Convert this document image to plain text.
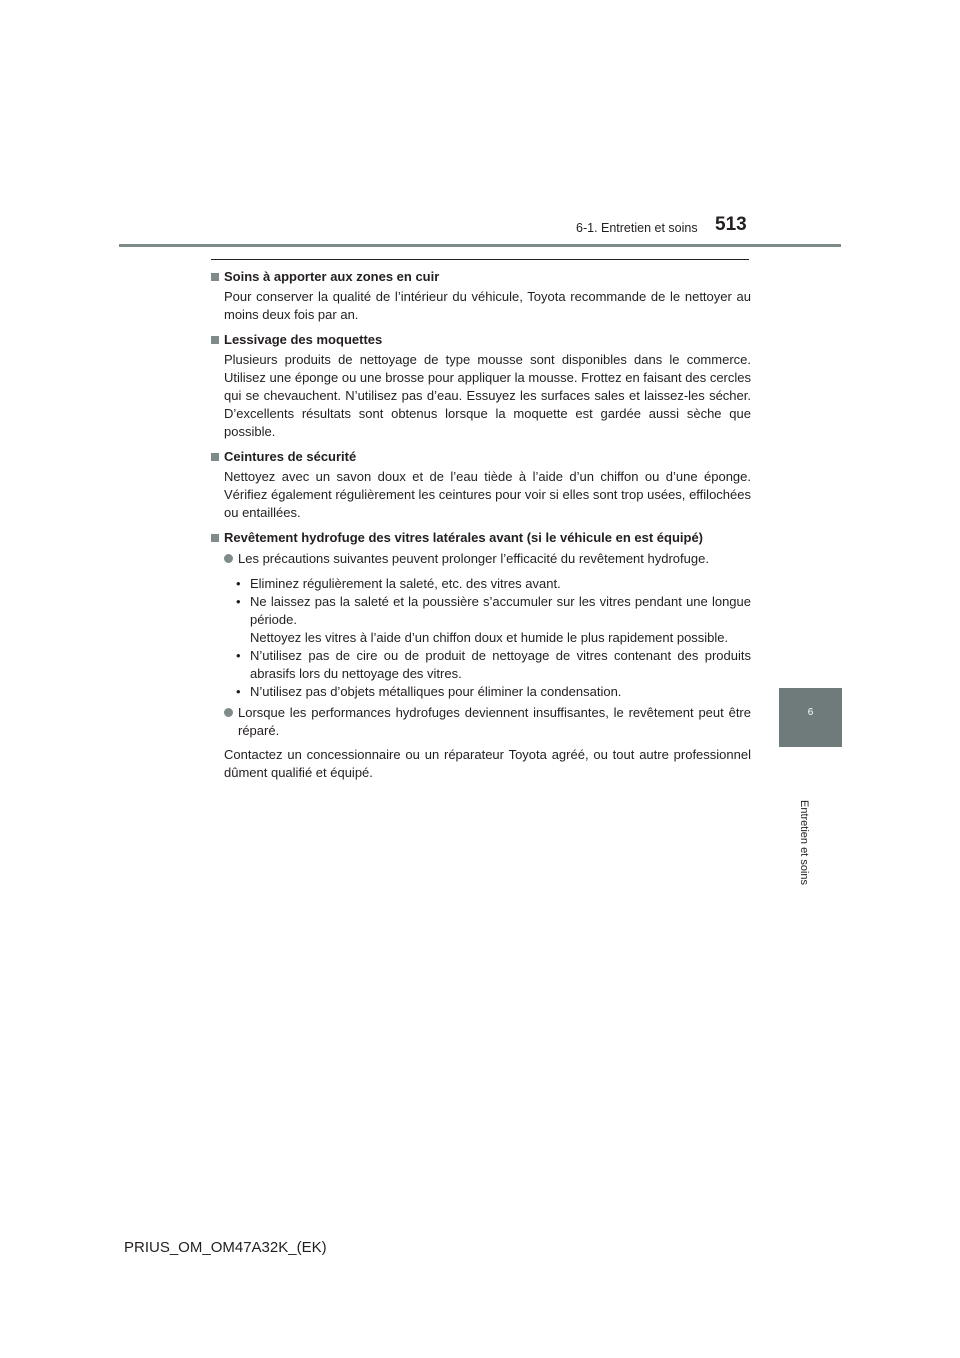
6-1. Entretien et soins 513
6
Entretien et soins
Soins à apporter aux zones en cuir
Pour conserver la qualité de l’intérieur du véhicule, Toyota recommande de le nettoyer au moins deux fois par an.
Lessivage des moquettes
Plusieurs produits de nettoyage de type mousse sont disponibles dans le commerce. Utilisez une éponge ou une brosse pour appliquer la mousse. Frottez en faisant des cercles qui se chevauchent. N’utilisez pas d’eau. Essuyez les surfaces sales et laissez-les sécher. D’excellents résultats sont obtenus lorsque la moquette est gardée aussi sèche que possible.
Ceintures de sécurité
Nettoyez avec un savon doux et de l’eau tiède à l’aide d’un chiffon ou d’une éponge. Vérifiez également régulièrement les ceintures pour voir si elles sont trop usées, effilochées ou entaillées.
Revêtement hydrofuge des vitres latérales avant (si le véhicule en est équipé)
Les précautions suivantes peuvent prolonger l’efficacité du revêtement hydrofuge.
• Eliminez régulièrement la saleté, etc. des vitres avant.
• Ne laissez pas la saleté et la poussière s’accumuler sur les vitres pendant une longue période.
Nettoyez les vitres à l’aide d’un chiffon doux et humide le plus rapidement possible.
• N’utilisez pas de cire ou de produit de nettoyage de vitres contenant des produits abrasifs lors du nettoyage des vitres.
• N’utilisez pas d’objets métalliques pour éliminer la condensation.
Lorsque les performances hydrofuges deviennent insuffisantes, le revêtement peut être réparé.
Contactez un concessionnaire ou un réparateur Toyota agréé, ou tout autre professionnel dûment qualifié et équipé.
PRIUS_OM_OM47A32K_(EK)
